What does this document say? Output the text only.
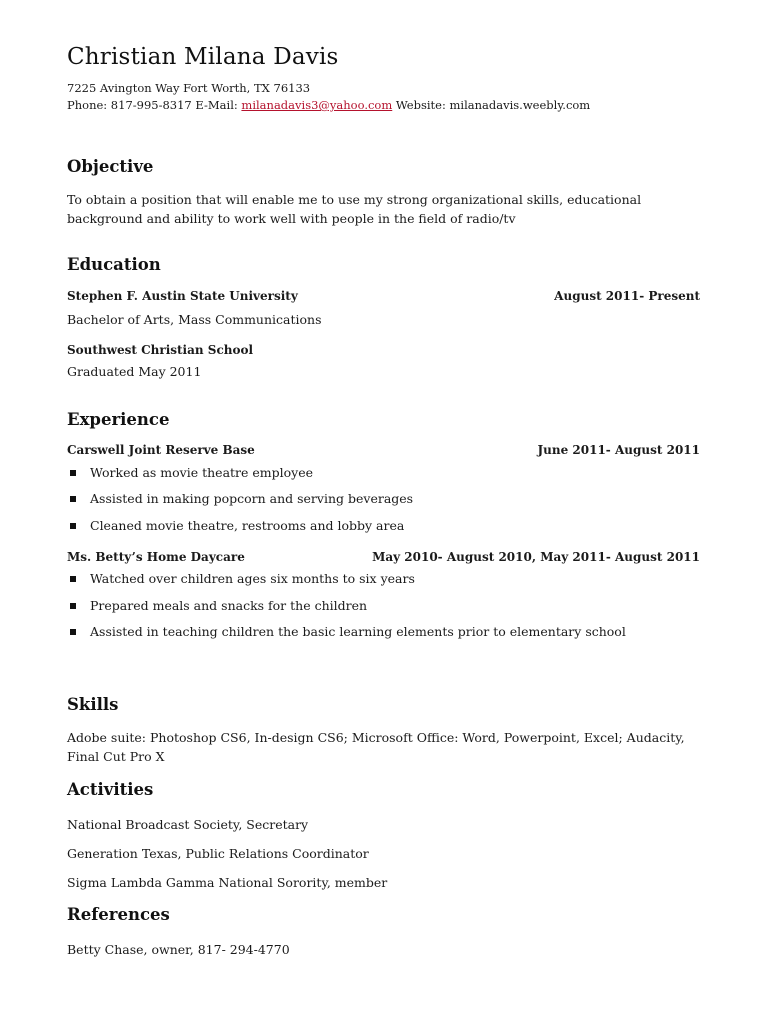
Christian Milana Davis
7225 Avington Way Fort Worth, TX 76133
Phone: 817-995-8317 E-Mail: milanadavis3@yahoo.com Website: milanadavis.weebly.com
Objective
To obtain a position that will enable me to use my strong organizational skills, educational background and ability to work well with people in the field of radio/tv
Education
Stephen F. Austin State University	August 2011- Present
Bachelor of Arts, Mass Communications
Southwest Christian School
Graduated May 2011
Experience
Carswell Joint Reserve Base	June 2011- August 2011
Worked as movie theatre employee
Assisted in making popcorn and serving beverages
Cleaned movie theatre, restrooms and lobby area
Ms. Betty’s Home Daycare	May 2010- August 2010, May 2011- August 2011
Watched over children ages six months to six years
Prepared meals and snacks for the children
Assisted in teaching children the basic learning elements prior to elementary school
Skills
Adobe suite: Photoshop CS6, In-design CS6; Microsoft Office: Word, Powerpoint, Excel; Audacity, Final Cut Pro X
Activities
National Broadcast Society, Secretary
Generation Texas, Public Relations Coordinator
Sigma Lambda Gamma National Sorority, member
References
Betty Chase, owner, 817- 294-4770
